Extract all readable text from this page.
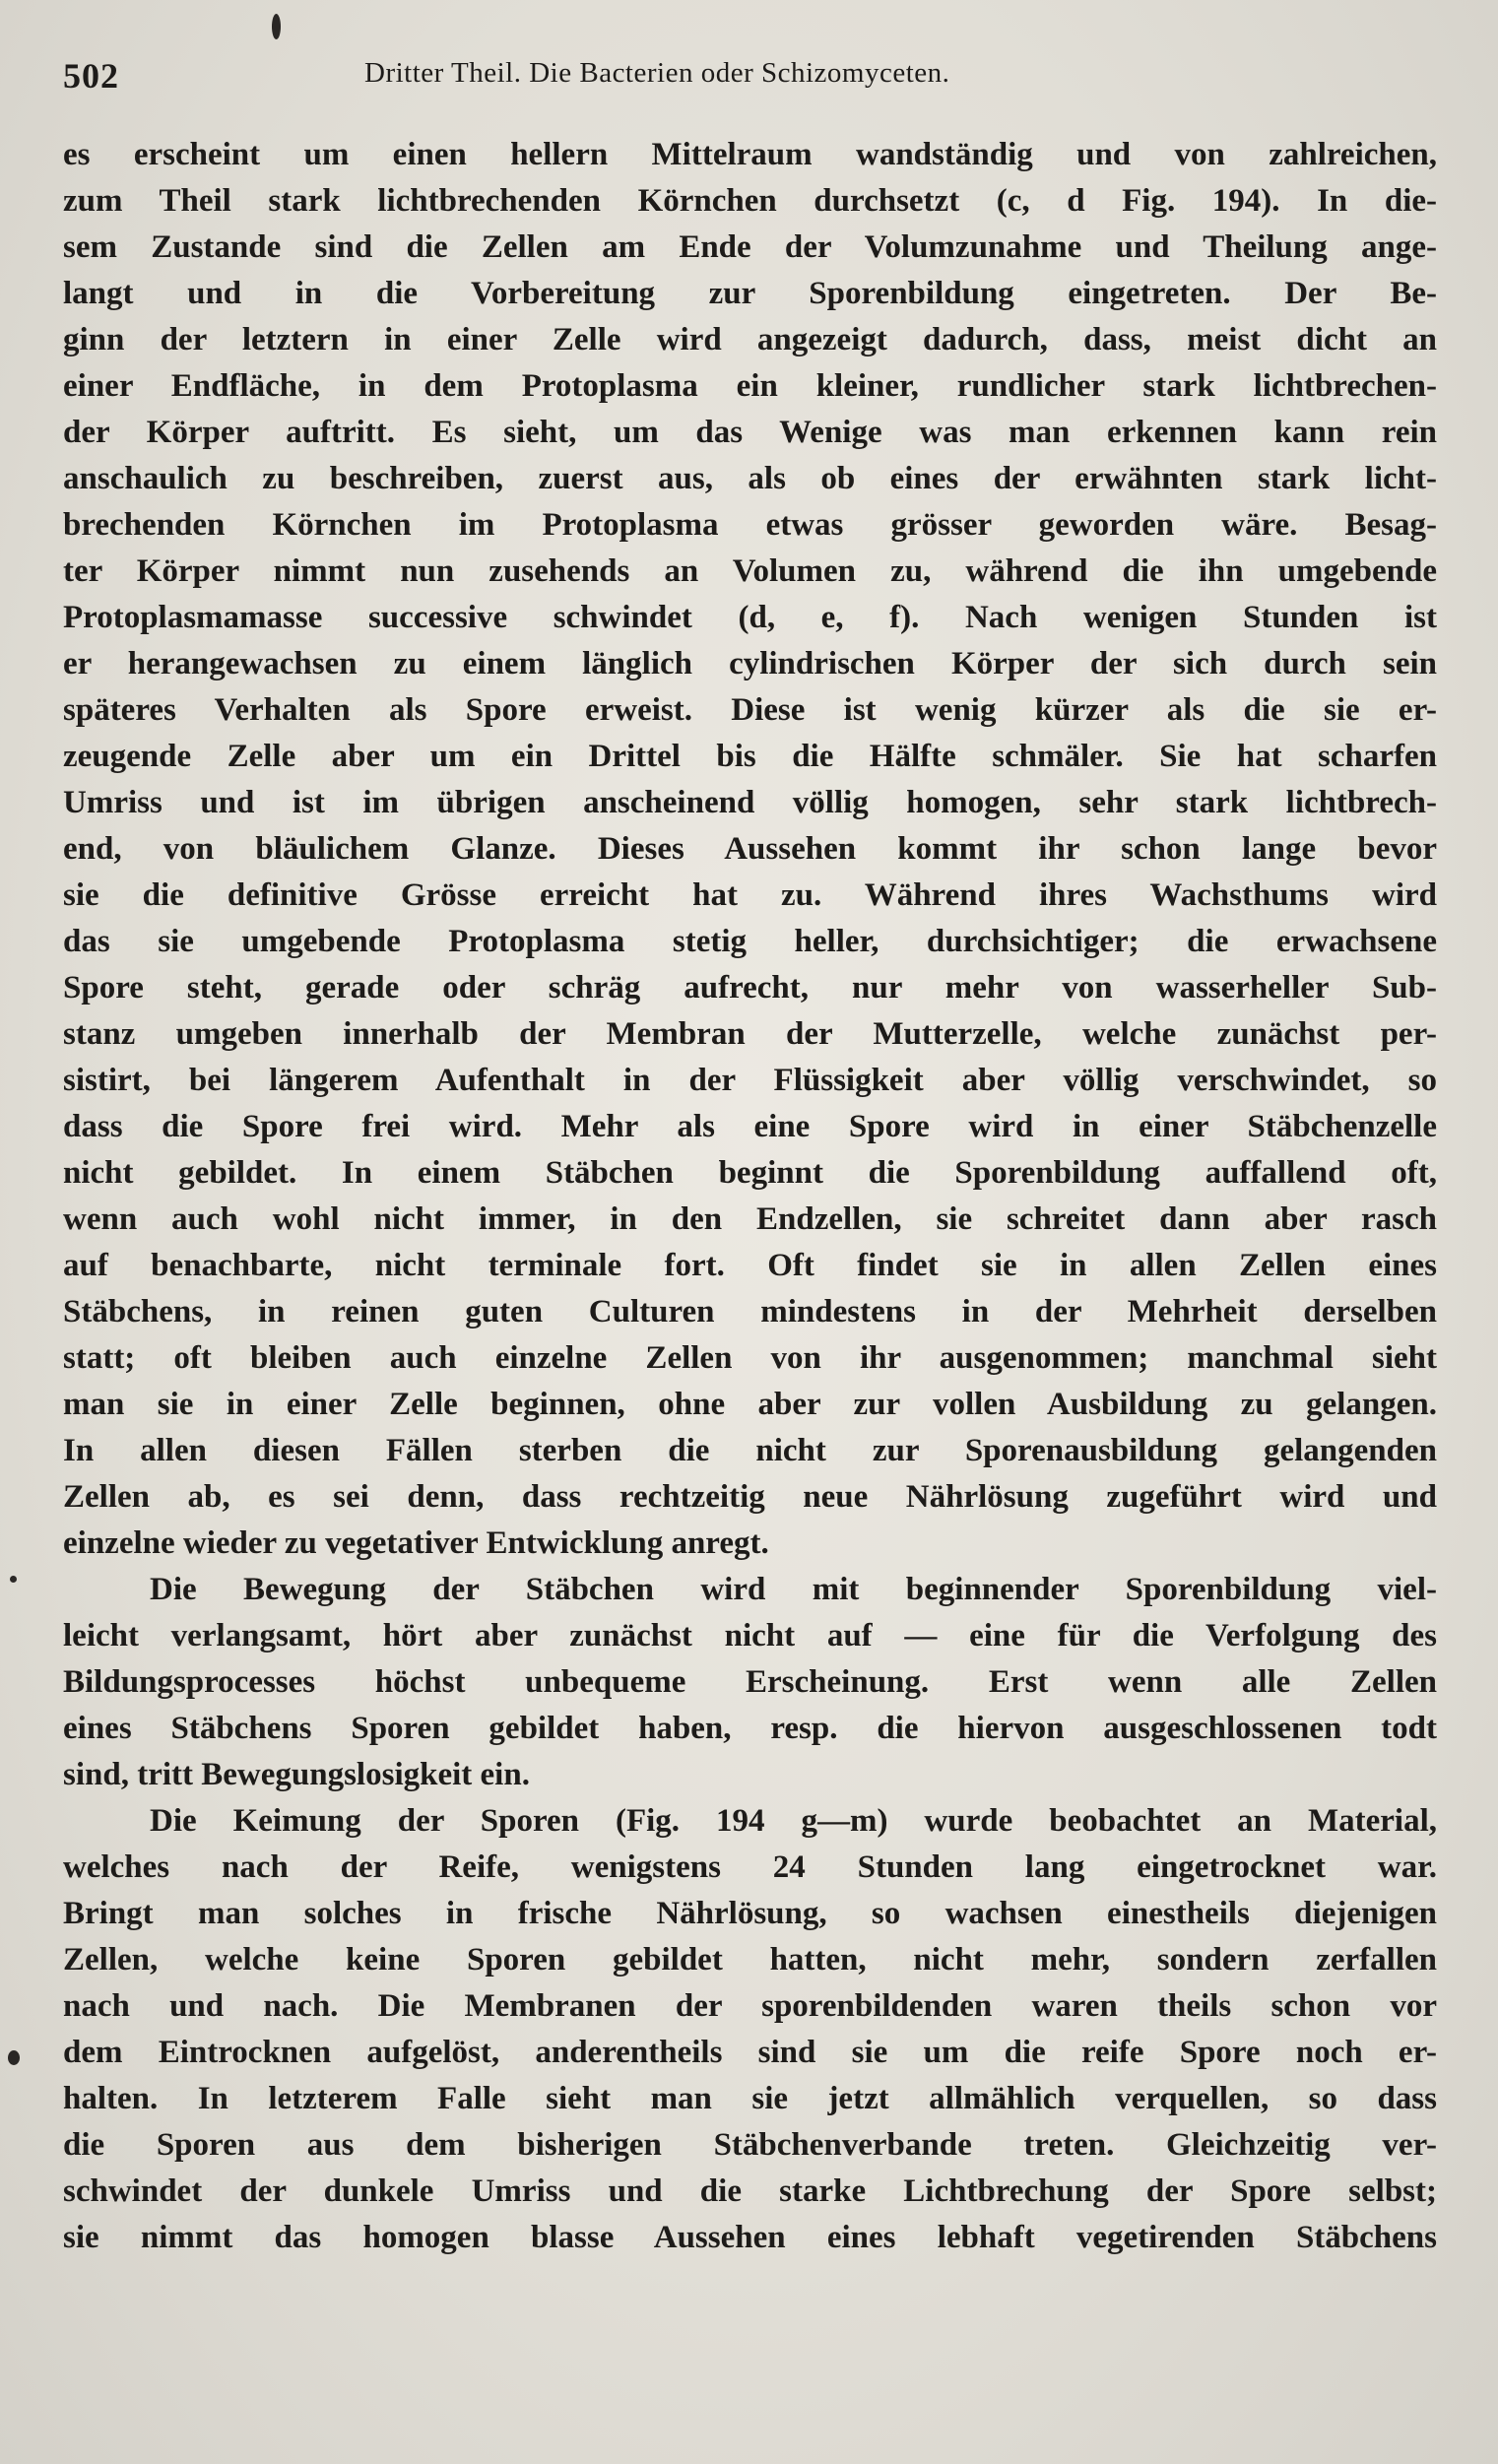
502	Dritter Theil. Die Bacterien oder Schizomyceten.
es erscheint um einen hellern Mittelraum wandständig und von zahlreichen,
zum Theil stark lichtbrechenden Körnchen durchsetzt (c, d Fig. 194). In die-
sem Zustande sind die Zellen am Ende der Volumzunahme und Theilung ange-
langt und in die Vorbereitung zur Sporenbildung eingetreten. Der Be-
ginn der letztern in einer Zelle wird angezeigt dadurch, dass, meist dicht an
einer Endfläche, in dem Protoplasma ein kleiner, rundlicher stark lichtbrechen-
der Körper auftritt. Es sieht, um das Wenige was man erkennen kann rein
anschaulich zu beschreiben, zuerst aus, als ob eines der erwähnten stark licht-
brechenden Körnchen im Protoplasma etwas grösser geworden wäre. Besag-
ter Körper nimmt nun zusehends an Volumen zu, während die ihn umgebende
Protoplasmamasse successive schwindet (d, e, f). Nach wenigen Stunden ist
er herangewachsen zu einem länglich cylindrischen Körper der sich durch sein
späteres Verhalten als Spore erweist. Diese ist wenig kürzer als die sie er-
zeugende Zelle aber um ein Drittel bis die Hälfte schmäler. Sie hat scharfen
Umriss und ist im übrigen anscheinend völlig homogen, sehr stark lichtbrech-
end, von bläulichem Glanze. Dieses Aussehen kommt ihr schon lange bevor
sie die definitive Grösse erreicht hat zu. Während ihres Wachsthums wird
das sie umgebende Protoplasma stetig heller, durchsichtiger; die erwachsene
Spore steht, gerade oder schräg aufrecht, nur mehr von wasserheller Sub-
stanz umgeben innerhalb der Membran der Mutterzelle, welche zunächst per-
sistirt, bei längerem Aufenthalt in der Flüssigkeit aber völlig verschwindet, so
dass die Spore frei wird. Mehr als eine Spore wird in einer Stäbchenzelle
nicht gebildet. In einem Stäbchen beginnt die Sporenbildung auffallend oft,
wenn auch wohl nicht immer, in den Endzellen, sie schreitet dann aber rasch
auf benachbarte, nicht terminale fort. Oft findet sie in allen Zellen eines
Stäbchens, in reinen guten Culturen mindestens in der Mehrheit derselben
statt; oft bleiben auch einzelne Zellen von ihr ausgenommen; manchmal sieht
man sie in einer Zelle beginnen, ohne aber zur vollen Ausbildung zu gelangen.
In allen diesen Fällen sterben die nicht zur Sporenausbildung gelangenden
Zellen ab, es sei denn, dass rechtzeitig neue Nährlösung zugeführt wird und
einzelne wieder zu vegetativer Entwicklung anregt.
Die Bewegung der Stäbchen wird mit beginnender Sporenbildung viel-
leicht verlangsamt, hört aber zunächst nicht auf — eine für die Verfolgung des
Bildungsprocesses höchst unbequeme Erscheinung. Erst wenn alle Zellen
eines Stäbchens Sporen gebildet haben, resp. die hiervon ausgeschlossenen todt
sind, tritt Bewegungslosigkeit ein.
Die Keimung der Sporen (Fig. 194 g—m) wurde beobachtet an Material,
welches nach der Reife, wenigstens 24 Stunden lang eingetrocknet war.
Bringt man solches in frische Nährlösung, so wachsen einestheils diejenigen
Zellen, welche keine Sporen gebildet hatten, nicht mehr, sondern zerfallen
nach und nach. Die Membranen der sporenbildenden waren theils schon vor
dem Eintrocknen aufgelöst, anderentheils sind sie um die reife Spore noch er-
halten. In letzterem Falle sieht man sie jetzt allmählich verquellen, so dass
die Sporen aus dem bisherigen Stäbchenverbande treten. Gleichzeitig ver-
schwindet der dunkele Umriss und die starke Lichtbrechung der Spore selbst;
sie nimmt das homogen blasse Aussehen eines lebhaft vegetirenden Stäbchens
